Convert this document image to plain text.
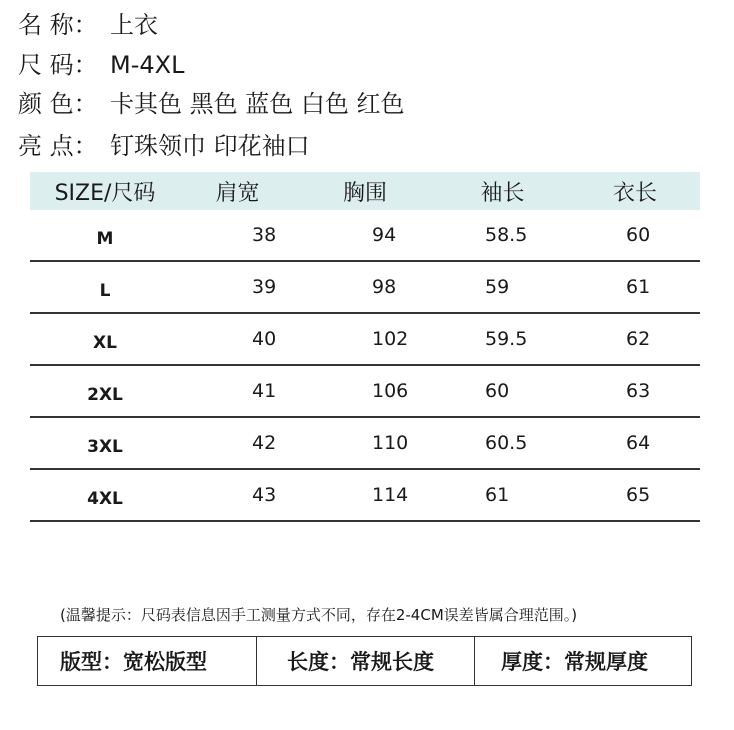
名 称： 上衣
尺 码： M-4XL
颜 色： 卡其色 黑色 蓝色 白色 红色
亮 点： 钉珠领巾 印花袖口
SIZE/尺码	肩宽	胸围	袖长	衣长
M	38	94	58.5	60
L	39	98	59	61
XL	40	102	59.5	62
2XL	41	106	60	63
3XL	42	110	60.5	64
4XL	43	114	61	65
(温馨提示：尺码表信息因手工测量方式不同，存在2-4CM误差皆属合理范围。)
版型：宽松版型	长度：常规长度	厚度：常规厚度
